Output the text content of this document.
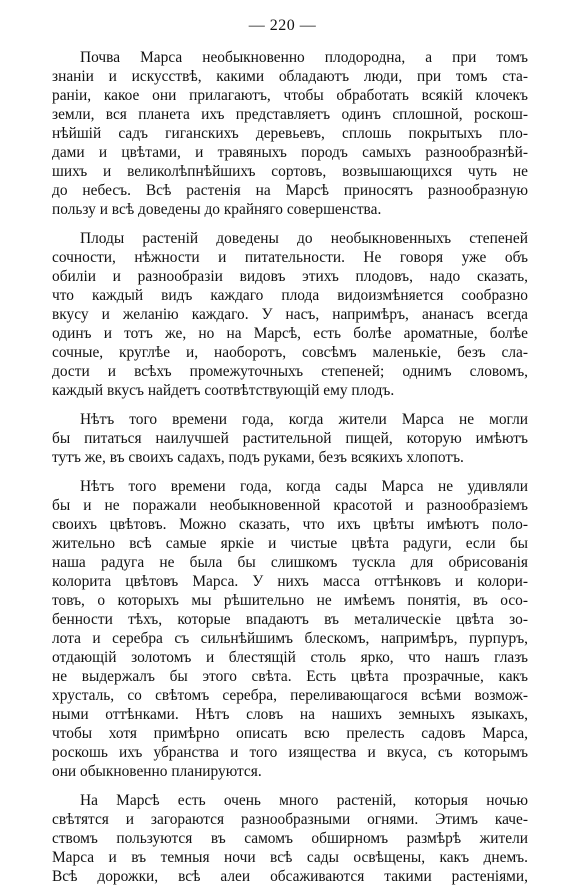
— 220 —
Почва Марса необыкновенно плодородна, а при томъ
знаніи и искусствѣ, какими обладаютъ люди, при томъ ста-
раніи, какое они прилагаютъ, чтобы обработать всякій клочекъ
земли, вся планета ихъ представляетъ одинъ сплошной, роскош-
нѣйшій садъ гиганскихъ деревьевъ, сплошь покрытыхъ пло-
дами и цвѣтами, и травяныхъ породъ самыхъ разнообразнѣй-
шихъ и великолѣпнѣйшихъ сортовъ, возвышающихся чуть не
до небесъ. Всѣ растенія на Марсѣ приносятъ разнообразную
пользу и всѣ доведены до крайняго совершенства.
Плоды растеній доведены до необыкновенныхъ степеней
сочности, нѣжности и питательности. Не говоря уже объ
обиліи и разнообразіи видовъ этихъ плодовъ, надо сказать,
что каждый видъ каждаго плода видоизмѣняется сообразно
вкусу и желанію каждаго. У насъ, напримѣръ, ананасъ всегда
одинъ и тотъ же, но на Марсѣ, есть болѣе ароматные, болѣе
сочные, круглѣе и, наоборотъ, совсѣмъ маленькіе, безъ сла-
дости и всѣхъ промежуточныхъ степеней; однимъ словомъ,
каждый вкусъ найдетъ соотвѣтствующій ему плодъ.
Нѣтъ того времени года, когда жители Марса не могли
бы питаться наилучшей растительной пищей, которую имѣютъ
тутъ же, въ своихъ садахъ, подъ руками, безъ всякихъ хлопотъ.
Нѣтъ того времени года, когда сады Марса не удивляли
бы и не поражали необыкновенной красотой и разнообразіемъ
своихъ цвѣтовъ. Можно сказать, что ихъ цвѣты имѣютъ поло-
жительно всѣ самые яркіе и чистые цвѣта радуги, если бы
наша радуга не была бы слишкомъ тускла для обрисованія
колорита цвѣтовъ Марса. У нихъ масса оттѣнковъ и колори-
товъ, о которыхъ мы рѣшительно не имѣемъ понятія, въ осо-
бенности тѣхъ, которые впадаютъ въ металическіе цвѣта зо-
лота и серебра съ сильнѣйшимъ блескомъ, напримѣръ, пурпуръ,
отдающій золотомъ и блестящій столь ярко, что нашъ глазъ
не выдержалъ бы этого свѣта. Есть цвѣта прозрачные, какъ
хрусталь, со свѣтомъ серебра, переливающагося всѣми возмож-
ными оттѣнками. Нѣтъ словъ на нашихъ земныхъ языкахъ,
чтобы хотя примѣрно описать всю прелесть садовъ Марса,
роскошь ихъ убранства и того изящества и вкуса, съ которымъ
они обыкновенно планируются.
На Марсѣ есть очень много растеній, которыя ночью
свѣтятся и загораются разнообразными огнями. Этимъ каче-
ствомъ пользуются въ самомъ обширномъ размѣрѣ жители
Марса и въ темныя ночи всѣ сады освѣщены, какъ днемъ.
Всѣ дорожки, всѣ алеи обсаживаются такими растеніями,
